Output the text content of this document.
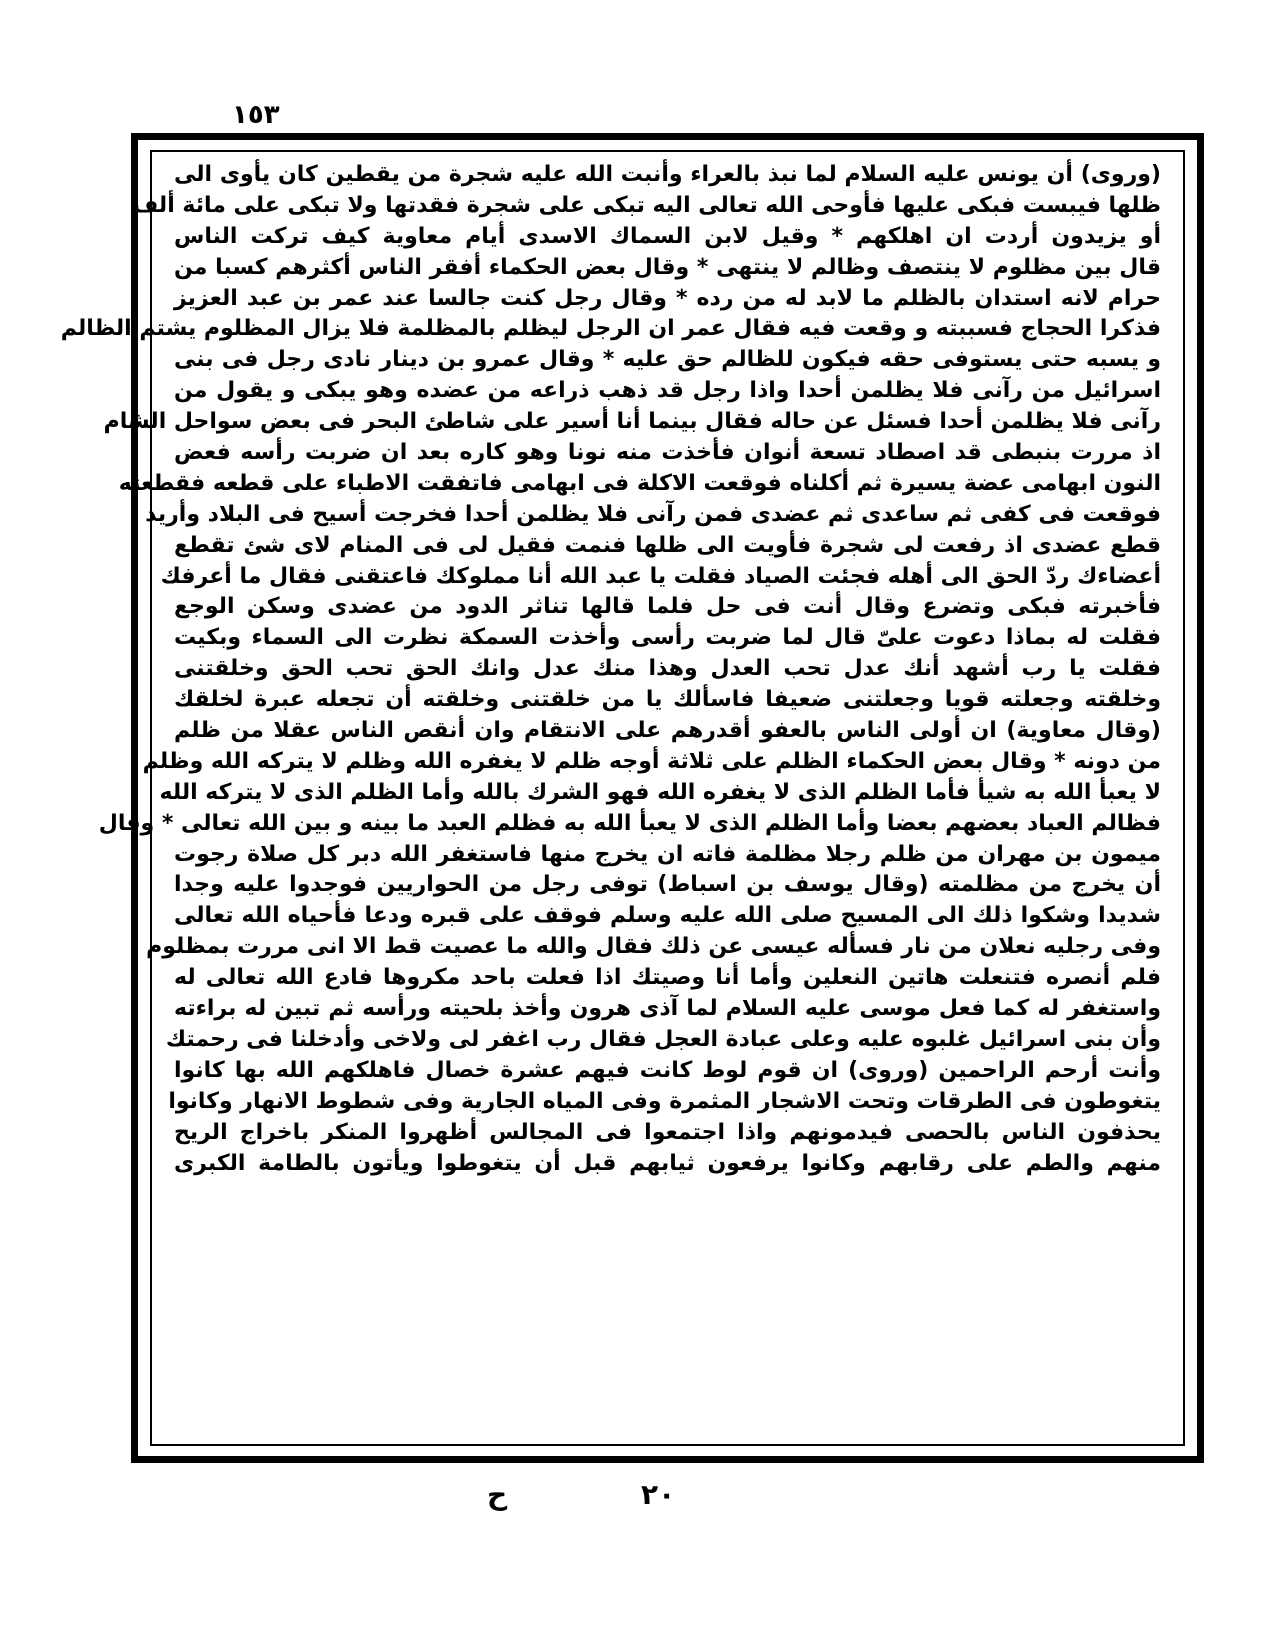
١٥٣
(وروى) أن يونس عليه السلام لما نبذ بالعراء وأنبت الله عليه شجرة من يقطين كان يأوى الى
ظلها فيبست فبكى عليها فأوحى الله تعالى اليه تبكى على شجرة فقدتها ولا تبكى على مائة ألف
أو يزيدون أردت ان اهلكهم * وقيل لابن السماك الاسدى أيام معاوية كيف تركت الناس
قال بين مظلوم لا ينتصف وظالم لا ينتهى * وقال بعض الحكماء أفقر الناس أكثرهم كسبا من
حرام لانه استدان بالظلم ما لابد له من رده * وقال رجل كنت جالسا عند عمر بن عبد العزيز
فذكرا الحجاج فسببته و وقعت فيه فقال عمر ان الرجل ليظلم بالمظلمة فلا يزال المظلوم يشتم الظالم
و يسبه حتى يستوفى حقه فيكون للظالم حق عليه * وقال عمرو بن دينار نادى رجل فى بنى
اسرائيل من رآنى فلا يظلمن أحدا واذا رجل قد ذهب ذراعه من عضده وهو يبكى و يقول من
رآنى فلا يظلمن أحدا فسئل عن حاله فقال بينما أنا أسير على شاطئ البحر فى بعض سواحل الشام
اذ مررت بنبطى قد اصطاد تسعة أنوان فأخذت منه نونا وهو كاره بعد ان ضربت رأسه فعض
النون ابهامى عضة يسيرة ثم أكلناه فوقعت الاكلة فى ابهامى فاتفقت الاطباء على قطعه فقطعته
فوقعت فى كفى ثم ساعدى ثم عضدى فمن رآنى فلا يظلمن أحدا فخرجت أسيح فى البلاد وأريد
قطع عضدى اذ رفعت لى شجرة فأويت الى ظلها فنمت فقيل لى فى المنام لاى شئ تقطع
أعضاءك ردّ الحق الى أهله فجئت الصياد فقلت يا عبد الله أنا مملوكك فاعتقنى فقال ما أعرفك
فأخبرته فبكى وتضرع وقال أنت فى حل فلما قالها تناثر الدود من عضدى وسكن الوجع
فقلت له بماذا دعوت علىّ قال لما ضربت رأسى وأخذت السمكة نظرت الى السماء وبكيت
فقلت يا رب أشهد أنك عدل تحب العدل وهذا منك عدل وانك الحق تحب الحق وخلقتنى
وخلقته وجعلته قويا وجعلتنى ضعيفا فاسألك يا من خلقتنى وخلقته أن تجعله عبرة لخلقك
(وقال معاوية) ان أولى الناس بالعفو أقدرهم على الانتقام وان أنقص الناس عقلا من ظلم
من دونه * وقال بعض الحكماء الظلم على ثلاثة أوجه ظلم لا يغفره الله وظلم لا يتركه الله وظلم
لا يعبأ الله به شيأ فأما الظلم الذى لا يغفره الله فهو الشرك بالله وأما الظلم الذى لا يتركه الله
فظالم العباد بعضهم بعضا وأما الظلم الذى لا يعبأ الله به فظلم العبد ما بينه و بين الله تعالى * وقال
ميمون بن مهران من ظلم رجلا مظلمة فاته ان يخرج منها فاستغفر الله دبر كل صلاة رجوت
أن يخرج من مظلمته (وقال يوسف بن اسباط) توفى رجل من الحواريين فوجدوا عليه وجدا
شديدا وشكوا ذلك الى المسيح صلى الله عليه وسلم فوقف على قبره ودعا فأحياه الله تعالى
وفى رجليه نعلان من نار فسأله عيسى عن ذلك فقال والله ما عصيت قط الا انى مررت بمظلوم
فلم أنصره فتنعلت هاتين النعلين وأما أنا وصيتك اذا فعلت باحد مكروها فادع الله تعالى له
واستغفر له كما فعل موسى عليه السلام لما آذى هرون وأخذ بلحيته ورأسه ثم تبين له براءته
وأن بنى اسرائيل غلبوه عليه وعلى عبادة العجل فقال رب اغفر لى ولاخى وأدخلنا فى رحمتك
وأنت أرحم الراحمين (وروى) ان قوم لوط كانت فيهم عشرة خصال فاهلكهم الله بها كانوا
يتغوطون فى الطرقات وتحت الاشجار المثمرة وفى المياه الجارية وفى شطوط الانهار وكانوا
يحذفون الناس بالحصى فيدمونهم واذا اجتمعوا فى المجالس أظهروا المنكر باخراج الريح
منهم والطم على رقابهم وكانوا يرفعون ثيابهم قبل أن يتغوطوا ويأتون بالطامة الكبرى
ح	٢٠
